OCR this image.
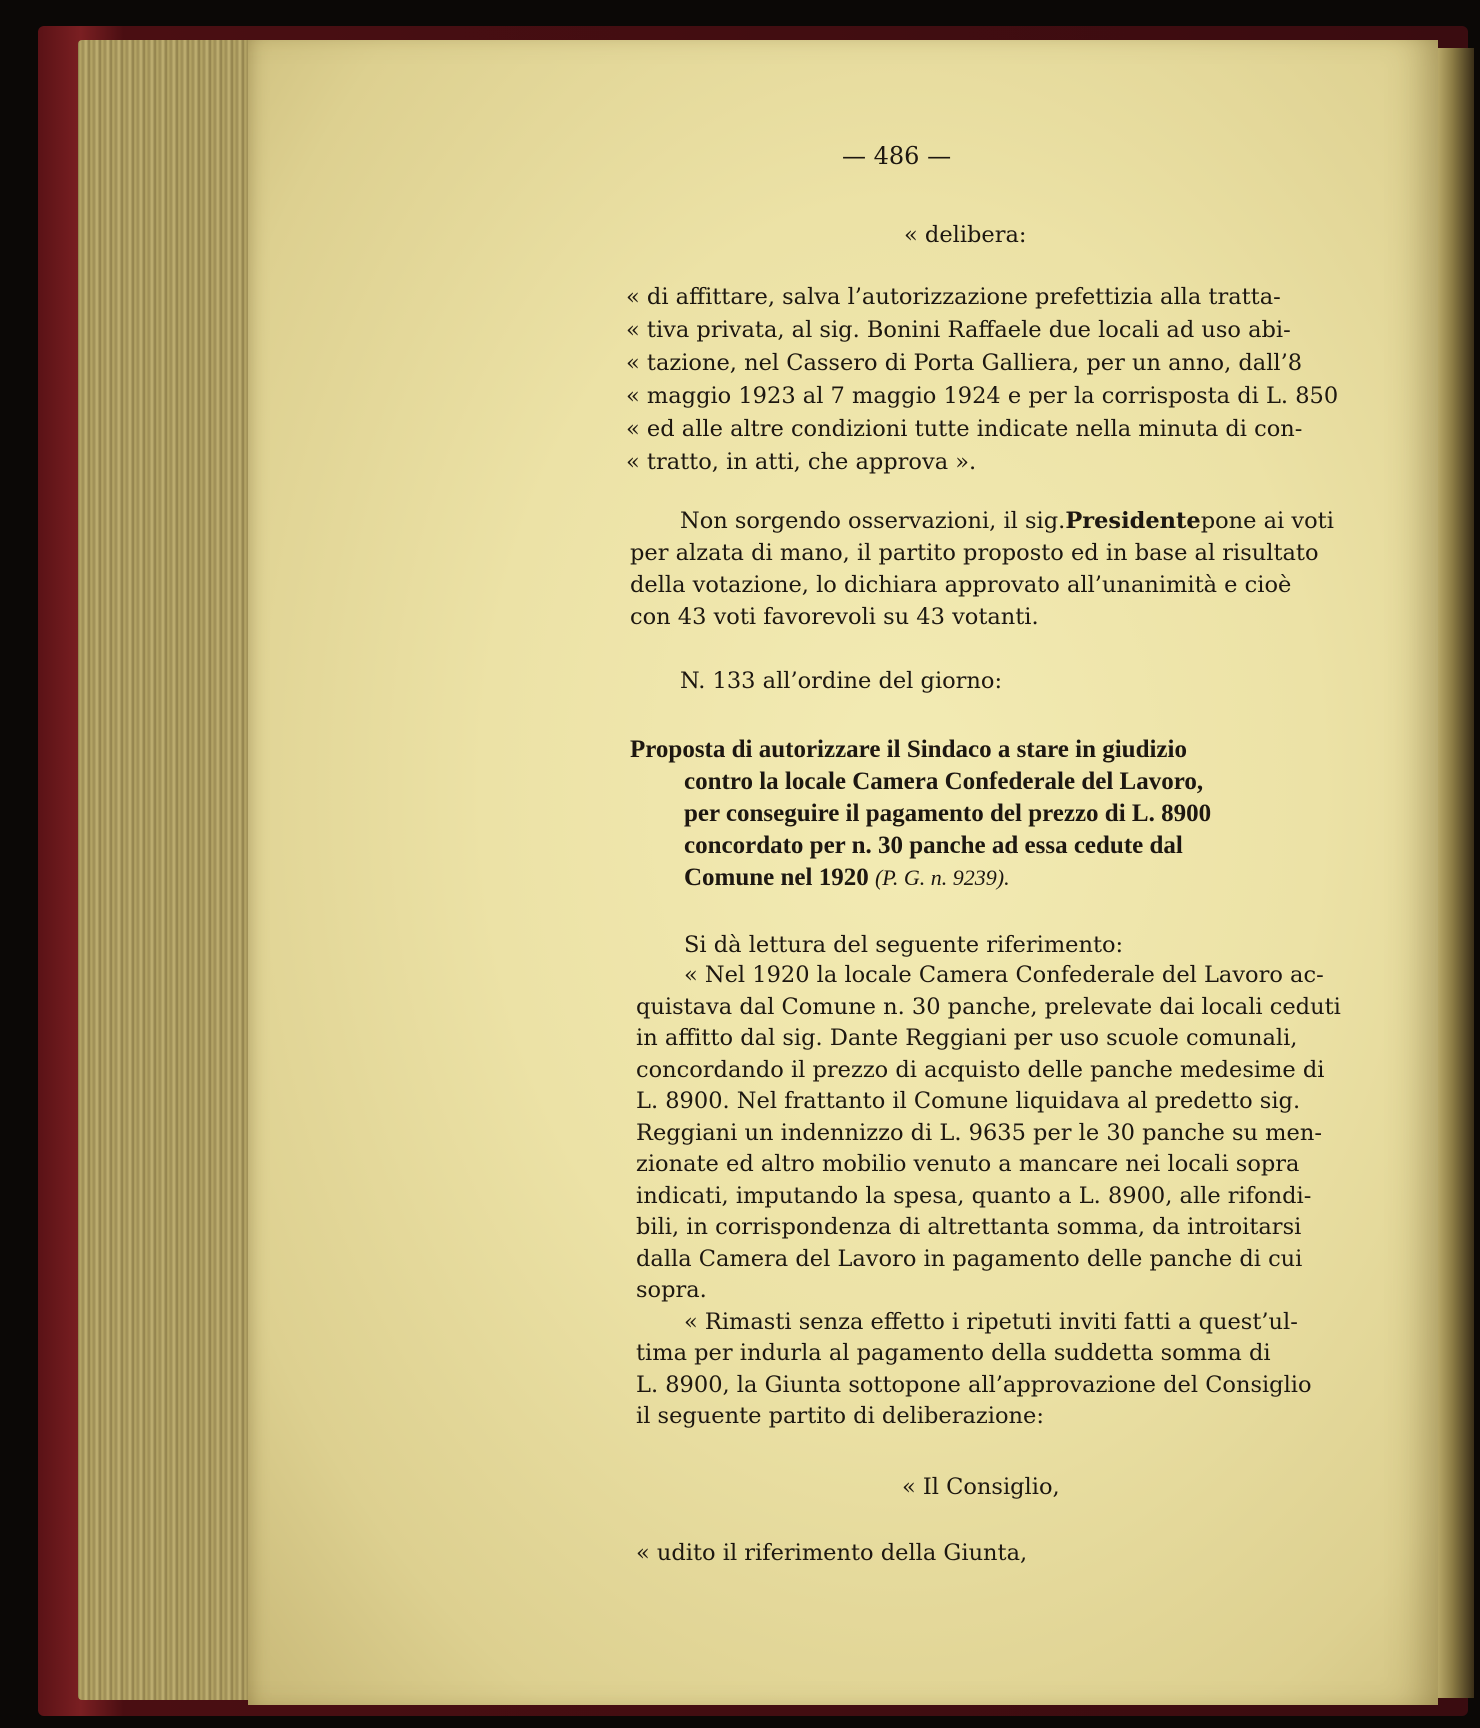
— 486 —
« delibera:
« di affittare, salva l’autorizzazione prefettizia alla tratta-
« tiva privata, al sig. Bonini Raffaele due locali ad uso abi-
« tazione, nel Cassero di Porta Galliera, per un anno, dall’8
« maggio 1923 al 7 maggio 1924 e per la corrisposta di L. 850
« ed alle altre condizioni tutte indicate nella minuta di con-
« tratto, in atti, che approva ».
Non sorgendo osservazioni, il sig. Presidente pone ai voti
per alzata di mano, il partito proposto ed in base al risultato
della votazione, lo dichiara approvato all’unanimità e cioè
con 43 voti favorevoli su 43 votanti.
N. 133 all’ordine del giorno:
Proposta di autorizzare il Sindaco a stare in giudizio
contro la locale Camera Confederale del Lavoro,
per conseguire il pagamento del prezzo di L. 8900
concordato per n. 30 panche ad essa cedute dal
Comune nel 1920 (P. G. n. 9239).
Si dà lettura del seguente riferimento:
« Nel 1920 la locale Camera Confederale del Lavoro ac-
quistava dal Comune n. 30 panche, prelevate dai locali ceduti
in affitto dal sig. Dante Reggiani per uso scuole comunali,
concordando il prezzo di acquisto delle panche medesime di
L. 8900. Nel frattanto il Comune liquidava al predetto sig.
Reggiani un indennizzo di L. 9635 per le 30 panche su men-
zionate ed altro mobilio venuto a mancare nei locali sopra
indicati, imputando la spesa, quanto a L. 8900, alle rifondi-
bili, in corrispondenza di altrettanta somma, da introitarsi
dalla Camera del Lavoro in pagamento delle panche di cui
sopra.
« Rimasti senza effetto i ripetuti inviti fatti a quest’ul-
tima per indurla al pagamento della suddetta somma di
L. 8900, la Giunta sottopone all’approvazione del Consiglio
il seguente partito di deliberazione:
« Il Consiglio,
« udito il riferimento della Giunta,
